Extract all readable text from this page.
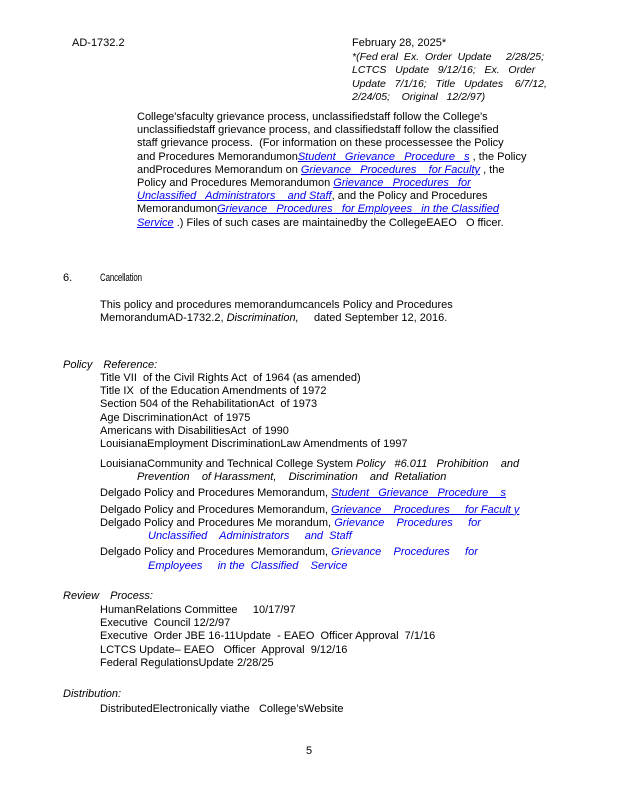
AD-1732.2	February 28, 2025*
*(Fed eral  Ex.  Order  Update     2/28/25;
LCTCS   Update   9/12/16;   Ex.   Order
Update   7/1/16;   Title   Updates    6/7/12,
2/24/05;    Original   12/2/97)
College'sfaculty grievance process, unclassifiedstaff follow the College's
unclassifiedstaff grievance process, and classifiedstaff follow the classified
staff grievance process.  (For information on these processessee the Policy
and Procedures MemorandumonStudent   Grievance   Procedure   s , the Policy
andProcedures Memorandum on Grievance   Procedures    for Faculty , the
Policy and Procedures Memorandumon Grievance   Procedures   for
Unclassified   Administrators    and Staff, and the Policy and Procedures
MemorandumonGrievance   Procedures   for Employees   in the Classified
Service .) Files of such cases are maintainedby the CollegeEAEO   O fficer.
6.	Cancellation
This policy and procedures memorandumcancels Policy and Procedures
MemorandumAD-1732.2, Discrimination,     dated September 12, 2016.
Policy Reference:
Title VII  of the Civil Rights Act  of 1964 (as amended)
Title IX  of the Education Amendments of 1972
Section 504 of the RehabilitationAct  of 1973
Age DiscriminationAct  of 1975
Americans with DisabilitiesAct  of 1990
LouisianaEmployment DiscriminationLaw Amendments of 1997
LouisianaCommunity and Technical College System Policy   #6.011   Prohibition    and
Prevention    of Harassment,    Discrimination    and  Retaliation
Delgado Policy and Procedures Memorandum, Student   Grievance   Procedure    s
Delgado Policy and Procedures Memorandum, Grievance    Procedures     for Facult y
Delgado Policy and Procedures Me morandum, Grievance    Procedures     for
Unclassified    Administrators     and  Staff
Delgado Policy and Procedures Memorandum, Grievance    Procedures     for
Employees     in the  Classified    Service
Review Process:
HumanRelations Committee     10/17/97
Executive  Council 12/2/97
Executive  Order JBE 16-11Update  - EAEO  Officer Approval  7/1/16
LCTCS Update– EAEO   Officer  Approval  9/12/16
Federal RegulationsUpdate 2/28/25
Distribution:
DistributedElectronically viathe   College’sWebsite
5
